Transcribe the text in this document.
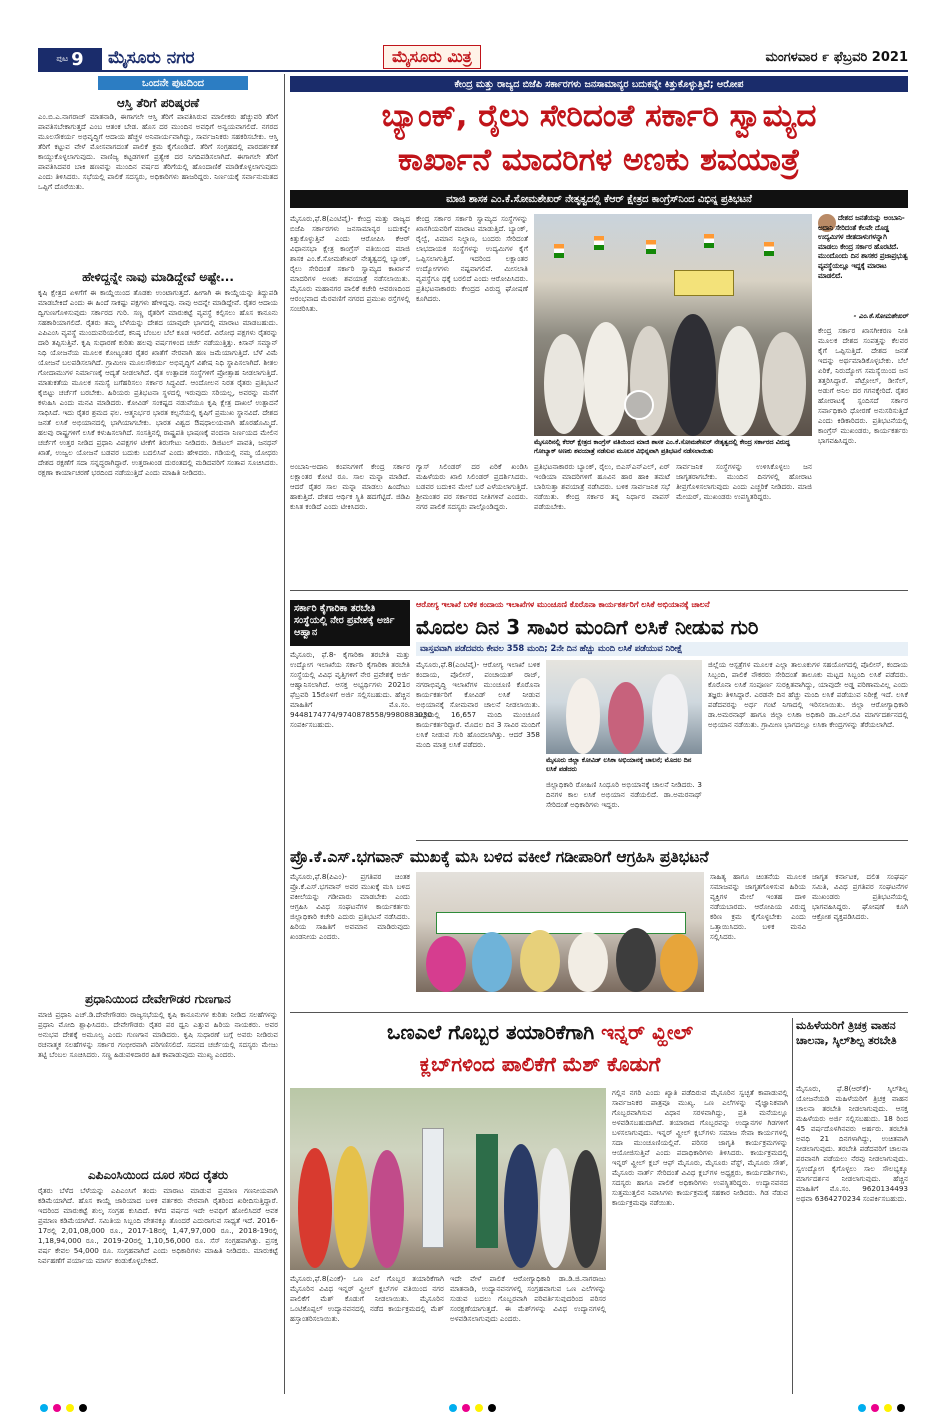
ಪುಟ 9 ಮೈಸೂರು ನಗರ	ಮೈಸೂರು ಮಿತ್ರ	ಮಂಗಳವಾರ ೯ ಫೆಬ್ರವರಿ 2021
ಒಂದನೇ ಪುಟದಿಂದ
ಆಸ್ತಿ ತೆರಿಗೆ ಪರಿಷ್ಕರಣೆ
ಎಂ.ಬಿ.ಎ.ನಾಗರಾಜ್ ಮಾತನಾಡಿ, ಈಗಾಗಲೇ ಆಸ್ತಿ ತೆರಿಗೆ ಪಾವತಿಸಿರುವ ಮಾಲೀಕರು ಹೆಚ್ಚುವರಿ ತೆರಿಗೆ ಪಾವತಿಸಬೇಕಾಗುತ್ತದೆ ಎಂಬ ಆತಂಕ ಬೇಡ. ಹೊಸ ದರ ಮುಂದಿನ ಅವಧಿಗೆ ಅನ್ವಯವಾಗಲಿದೆ. ನಗರದ ಮೂಲಸೌಕರ್ಯ ಅಭಿವೃದ್ಧಿಗೆ ಆದಾಯ ಹೆಚ್ಚಳ ಅನಿವಾರ್ಯವಾಗಿದ್ದು, ಸಾರ್ವಜನಿಕರು ಸಹಕರಿಸಬೇಕು. ಆಸ್ತಿ ತೆರಿಗೆ ಕಟ್ಟುವ ವೇಳೆ ಮೋಸವಾಗದಂತೆ ಪಾಲಿಕೆ ಕ್ರಮ ಕೈಗೊಂಡಿದೆ. ತೆರಿಗೆ ಸಂಗ್ರಹದಲ್ಲಿ ಪಾರದರ್ಶಕತೆ ಕಾಯ್ದುಕೊಳ್ಳಲಾಗುವುದು. ವಾಣಿಜ್ಯ ಕಟ್ಟಡಗಳಿಗೆ ಪ್ರತ್ಯೇಕ ದರ ನಿಗದಿಪಡಿಸಲಾಗಿದೆ. ಈಗಾಗಲೇ ತೆರಿಗೆ ಪಾವತಿಸಿದವರ ಬಾಕಿ ಹಣವನ್ನು ಮುಂದಿನ ವರ್ಷದ ತೆರಿಗೆಯಲ್ಲಿ ಹೊಂದಾಣಿಕೆ ಮಾಡಿಕೊಳ್ಳಲಾಗುವುದು ಎಂದು ತಿಳಿಸಿದರು. ಸಭೆಯಲ್ಲಿ ಪಾಲಿಕೆ ಸದಸ್ಯರು, ಅಧಿಕಾರಿಗಳು ಹಾಜರಿದ್ದರು. ನಿರ್ಣಯಕ್ಕೆ ಸರ್ವಾನುಮತದ ಒಪ್ಪಿಗೆ ದೊರೆಯಿತು.
ಹೇಳಿದ್ದನ್ನೇ ನಾವು ಮಾಡಿದ್ದೇವೆ ಅಷ್ಟೇ...
ಕೃಷಿ ಕ್ಷೇತ್ರದ ಏಳಿಗೆಗೆ ಈ ಕಾಯ್ದೆಯಿಂದ ತೊಡಕು ಉಂಟಾಗುತ್ತದೆ. ಹೀಗಾಗಿ ಈ ಕಾಯ್ದೆಯನ್ನು ತಿದ್ದುಪಡಿ ಮಾಡಬೇಕಿದೆ ಎಂದು ಈ ಹಿಂದೆ ಸಾಕಷ್ಟು ಪಕ್ಷಗಳು ಹೇಳಿದ್ದವು. ನಾವು ಅದನ್ನೇ ಮಾಡಿದ್ದೇವೆ. ರೈತರ ಆದಾಯ ದ್ವಿಗುಣಗೊಳಿಸುವುದು ಸರ್ಕಾರದ ಗುರಿ. ಸಣ್ಣ ರೈತರಿಗೆ ಮಾರುಕಟ್ಟೆ ವ್ಯವಸ್ಥೆ ಕಲ್ಪಿಸಲು ಹೊಸ ಕಾನೂನು ಸಹಕಾರಿಯಾಗಲಿದೆ. ರೈತರು ತಮ್ಮ ಬೆಳೆಯನ್ನು ದೇಶದ ಯಾವುದೇ ಭಾಗದಲ್ಲಿ ಮಾರಾಟ ಮಾಡಬಹುದು. ಎಪಿಎಂಸಿ ವ್ಯವಸ್ಥೆ ಮುಂದುವರಿಯಲಿದೆ, ಕನಿಷ್ಠ ಬೆಂಬಲ ಬೆಲೆ ಕೂಡ ಇರಲಿದೆ. ವಿರೋಧ ಪಕ್ಷಗಳು ರೈತರನ್ನು ದಾರಿ ತಪ್ಪಿಸುತ್ತಿವೆ. ಕೃಷಿ ಸುಧಾರಣೆ ಕುರಿತು ಹಲವು ವರ್ಷಗಳಿಂದ ಚರ್ಚೆ ನಡೆಯುತ್ತಿತ್ತು. ಕಿಸಾನ್ ಸಮ್ಮಾನ್ ನಿಧಿ ಯೋಜನೆಯ ಮೂಲಕ ಕೋಟ್ಯಂತರ ರೈತರ ಖಾತೆಗೆ ನೇರವಾಗಿ ಹಣ ಜಮೆಯಾಗುತ್ತಿದೆ. ಬೆಳೆ ವಿಮೆ ಯೋಜನೆ ಬಲಪಡಿಸಲಾಗಿದೆ. ಗ್ರಾಮೀಣ ಮೂಲಸೌಕರ್ಯ ಅಭಿವೃದ್ಧಿಗೆ ವಿಶೇಷ ನಿಧಿ ಸ್ಥಾಪಿಸಲಾಗಿದೆ. ಶೀತಲ ಗೋದಾಮುಗಳ ನಿರ್ಮಾಣಕ್ಕೆ ಆದ್ಯತೆ ನೀಡಲಾಗಿದೆ. ರೈತ ಉತ್ಪಾದಕ ಸಂಸ್ಥೆಗಳಿಗೆ ಪ್ರೋತ್ಸಾಹ ನೀಡಲಾಗುತ್ತಿದೆ. ಮಾತುಕತೆಯ ಮೂಲಕ ಸಮಸ್ಯೆ ಬಗೆಹರಿಸಲು ಸರ್ಕಾರ ಸಿದ್ಧವಿದೆ. ಆಂದೋಲನ ನಿರತ ರೈತರು ಪ್ರತಿಭಟನೆ ಕೈಬಿಟ್ಟು ಚರ್ಚೆಗೆ ಬರಬೇಕು. ಹಿರಿಯರು ಪ್ರತಿಭಟನಾ ಸ್ಥಳದಲ್ಲಿ ಇರುವುದು ಸರಿಯಲ್ಲ, ಅವರನ್ನು ಮನೆಗೆ ಕಳುಹಿಸಿ ಎಂದು ಮನವಿ ಮಾಡಿದರು. ಕೋವಿಡ್ ಸಂಕಷ್ಟದ ನಡುವೆಯೂ ಕೃಷಿ ಕ್ಷೇತ್ರ ದಾಖಲೆ ಉತ್ಪಾದನೆ ಸಾಧಿಸಿದೆ. ಇದು ರೈತರ ಶ್ರಮದ ಫಲ. ಆತ್ಮನಿರ್ಭರ ಭಾರತ ಕಲ್ಪನೆಯಲ್ಲಿ ಕೃಷಿಗೆ ಪ್ರಮುಖ ಸ್ಥಾನವಿದೆ. ದೇಶದ ಜನತೆ ಲಸಿಕೆ ಅಭಿಯಾನದಲ್ಲಿ ಭಾಗಿಯಾಗಬೇಕು. ಭಾರತ ವಿಶ್ವದ ಔಷಧಾಲಯವಾಗಿ ಹೊರಹೊಮ್ಮಿದೆ. ಹಲವು ರಾಷ್ಟ್ರಗಳಿಗೆ ಲಸಿಕೆ ಕಳುಹಿಸಲಾಗಿದೆ. ಸಂಸತ್ತಿನಲ್ಲಿ ರಾಷ್ಟ್ರಪತಿ ಭಾಷಣಕ್ಕೆ ವಂದನಾ ನಿರ್ಣಯದ ಮೇಲಿನ ಚರ್ಚೆಗೆ ಉತ್ತರ ನೀಡಿದ ಪ್ರಧಾನಿ ವಿಪಕ್ಷಗಳ ಟೀಕೆಗೆ ತಿರುಗೇಟು ನೀಡಿದರು. ಡಿಜಿಟಲ್ ಪಾವತಿ, ಜನಧನ್ ಖಾತೆ, ಉಜ್ವಲ ಯೋಜನೆ ಬಡವರ ಬದುಕು ಬದಲಿಸಿವೆ ಎಂದು ಹೇಳಿದರು. ಗಡಿಯಲ್ಲಿ ನಮ್ಮ ಯೋಧರು ದೇಶದ ರಕ್ಷಣೆಗೆ ಸದಾ ಸನ್ನದ್ಧರಾಗಿದ್ದಾರೆ. ಉತ್ತರಾಖಂಡ ದುರಂತದಲ್ಲಿ ಮಡಿದವರಿಗೆ ಸಂತಾಪ ಸೂಚಿಸಿದರು. ರಕ್ಷಣಾ ಕಾರ್ಯಾಚರಣೆ ಭರದಿಂದ ನಡೆಯುತ್ತಿದೆ ಎಂದು ಮಾಹಿತಿ ನೀಡಿದರು.
ಪ್ರಧಾನಿಯಿಂದ ದೇವೇಗೌಡರ ಗುಣಗಾನ
ಮಾಜಿ ಪ್ರಧಾನಿ ಎಚ್.ಡಿ.ದೇವೇಗೌಡರು ರಾಜ್ಯಸಭೆಯಲ್ಲಿ ಕೃಷಿ ಕಾನೂನುಗಳ ಕುರಿತು ನೀಡಿದ ಸಲಹೆಗಳನ್ನು ಪ್ರಧಾನಿ ಮೋದಿ ಶ್ಲಾಘಿಸಿದರು. ದೇವೇಗೌಡರು ರೈತರ ಪರ ಧ್ವನಿ ಎತ್ತುವ ಹಿರಿಯ ನಾಯಕರು. ಅವರ ಅನುಭವ ದೇಶಕ್ಕೆ ಅಮೂಲ್ಯ ಎಂದು ಗುಣಗಾನ ಮಾಡಿದರು. ಕೃಷಿ ಸುಧಾರಣೆ ಬಗ್ಗೆ ಅವರು ನೀಡಿರುವ ರಚನಾತ್ಮಕ ಸಲಹೆಗಳನ್ನು ಸರ್ಕಾರ ಗಂಭೀರವಾಗಿ ಪರಿಗಣಿಸಲಿದೆ. ಸದನದ ಚರ್ಚೆಯಲ್ಲಿ ಸದಸ್ಯರು ಮೇಜು ತಟ್ಟಿ ಬೆಂಬಲ ಸೂಚಿಸಿದರು. ಸಣ್ಣ ಹಿಡುವಳಿದಾರರ ಹಿತ ಕಾಪಾಡುವುದು ಮುಖ್ಯ ಎಂದರು.
ಎಪಿಎಂಸಿಯಿಂದ ದೂರ ಸರಿದ ರೈತರು
ರೈತರು ಬೆಳೆದ ಬೆಳೆಯನ್ನು ಎಪಿಎಂಸಿಗೆ ತಂದು ಮಾರಾಟ ಮಾಡುವ ಪ್ರಮಾಣ ಗಣನೀಯವಾಗಿ ಕಡಿಮೆಯಾಗಿದೆ. ಹೊಸ ಕಾಯ್ದೆ ಜಾರಿಯಾದ ಬಳಿಕ ವರ್ತಕರು ನೇರವಾಗಿ ರೈತರಿಂದ ಖರೀದಿಸುತ್ತಿದ್ದಾರೆ. ಇದರಿಂದ ಮಾರುಕಟ್ಟೆ ಶುಲ್ಕ ಸಂಗ್ರಹ ಕುಸಿದಿದೆ. ಕಳೆದ ವರ್ಷದ ಇದೇ ಅವಧಿಗೆ ಹೋಲಿಸಿದರೆ ಆವಕ ಪ್ರಮಾಣ ಕಡಿಮೆಯಾಗಿದೆ. ಸಮಿತಿಯ ಸಿಬ್ಬಂದಿ ವೇತನಕ್ಕೂ ತೊಂದರೆ ಎದುರಾಗುವ ಸಾಧ್ಯತೆ ಇದೆ. 2016-17ರಲ್ಲಿ 2,01,08,000 ರೂ., 2017-18ರಲ್ಲಿ 1,47,97,000 ರೂ., 2018-19ರಲ್ಲಿ 1,18,94,000 ರೂ., 2019-20ರಲ್ಲಿ 1,10,56,000 ರೂ. ಸೆಸ್ ಸಂಗ್ರಹವಾಗಿತ್ತು. ಪ್ರಸಕ್ತ ವರ್ಷ ಕೇವಲ 54,000 ರೂ. ಸಂಗ್ರಹವಾಗಿದೆ ಎಂದು ಅಧಿಕಾರಿಗಳು ಮಾಹಿತಿ ನೀಡಿದರು. ಮಾರುಕಟ್ಟೆ ನಿರ್ವಹಣೆಗೆ ಪರ್ಯಾಯ ಮಾರ್ಗ ಕಂಡುಕೊಳ್ಳಬೇಕಿದೆ.
ಕೇಂದ್ರ ಮತ್ತು ರಾಜ್ಯದ ಬಿಜೆಪಿ ಸರ್ಕಾರಗಳು ಜನಸಾಮಾನ್ಯರ ಬದುಕನ್ನೇ ಕಿತ್ತುಕೊಳ್ಳುತ್ತಿವೆ; ಆರೋಪ
ಬ್ಯಾಂಕ್, ರೈಲು ಸೇರಿದಂತೆ ಸರ್ಕಾರಿ ಸ್ವಾಮ್ಯದ
ಕಾರ್ಖಾನೆ ಮಾದರಿಗಳ ಅಣಕು ಶವಯಾತ್ರೆ
ಮಾಜಿ ಶಾಸಕ ಎಂ.ಕೆ.ಸೋಮಶೇಖರ್ ನೇತೃತ್ವದಲ್ಲಿ ಕೆಆರ್ ಕ್ಷೇತ್ರದ ಕಾಂಗ್ರೆಸ್‌ನಿಂದ ವಿಭಿನ್ನ ಪ್ರತಿಭಟನೆ
ಮೈಸೂರು,ಫೆ.8(ಎಂಟಿವೈ)- ಕೇಂದ್ರ ಮತ್ತು ರಾಜ್ಯದ ಬಿಜೆಪಿ ಸರ್ಕಾರಗಳು ಜನಸಾಮಾನ್ಯರ ಬದುಕನ್ನೇ ಕಿತ್ತುಕೊಳ್ಳುತ್ತಿವೆ ಎಂದು ಆರೋಪಿಸಿ ಕೆಆರ್ ವಿಧಾನಸಭಾ ಕ್ಷೇತ್ರ ಕಾಂಗ್ರೆಸ್ ವತಿಯಿಂದ ಮಾಜಿ ಶಾಸಕ ಎಂ.ಕೆ.ಸೋಮಶೇಖರ್ ನೇತೃತ್ವದಲ್ಲಿ ಬ್ಯಾಂಕ್, ರೈಲು ಸೇರಿದಂತೆ ಸರ್ಕಾರಿ ಸ್ವಾಮ್ಯದ ಕಾರ್ಖಾನೆ ಮಾದರಿಗಳ ಅಣಕು ಶವಯಾತ್ರೆ ನಡೆಸಲಾಯಿತು. ಮೈಸೂರು ಮಹಾನಗರ ಪಾಲಿಕೆ ಕಚೇರಿ ಆವರಣದಿಂದ ಆರಂಭವಾದ ಮೆರವಣಿಗೆ ನಗರದ ಪ್ರಮುಖ ರಸ್ತೆಗಳಲ್ಲಿ ಸಂಚರಿಸಿತು.
ಕೇಂದ್ರ ಸರ್ಕಾರ ಸರ್ಕಾರಿ ಸ್ವಾಮ್ಯದ ಸಂಸ್ಥೆಗಳನ್ನು ಖಾಸಗಿಯವರಿಗೆ ಮಾರಾಟ ಮಾಡುತ್ತಿದೆ. ಬ್ಯಾಂಕ್, ರೈಲ್ವೆ, ವಿಮಾನ ನಿಲ್ದಾಣ, ಬಂದರು ಸೇರಿದಂತೆ ಲಾಭದಾಯಕ ಸಂಸ್ಥೆಗಳನ್ನು ಉದ್ಯಮಿಗಳ ಕೈಗೆ ಒಪ್ಪಿಸಲಾಗುತ್ತಿದೆ. ಇದರಿಂದ ಲಕ್ಷಾಂತರ ಉದ್ಯೋಗಗಳು ನಷ್ಟವಾಗಲಿವೆ. ಮೀಸಲಾತಿ ವ್ಯವಸ್ಥೆಗೂ ಧಕ್ಕೆ ಬರಲಿದೆ ಎಂದು ಆರೋಪಿಸಿದರು. ಪ್ರತಿಭಟನಾಕಾರರು ಕೇಂದ್ರದ ವಿರುದ್ಧ ಘೋಷಣೆ ಕೂಗಿದರು.
ಮೈಸೂರಿನಲ್ಲಿ ಕೆಆರ್ ಕ್ಷೇತ್ರದ ಕಾಂಗ್ರೆಸ್ ವತಿಯಿಂದ ಮಾಜಿ ಶಾಸಕ ಎಂ.ಕೆ.ಸೋಮಶೇಖರ್ ನೇತೃತ್ವದಲ್ಲಿ ಕೇಂದ್ರ ಸರ್ಕಾರದ ವಿರುದ್ಧ ಗೋಬ್ಯಾಕ್ ಅಣಕು ಶವಯಾತ್ರೆ ನಡೆಸುವ ಮೂಲಕ ವಿಭಿನ್ನವಾಗಿ ಪ್ರತಿಭಟನೆ ನಡೆಸಲಾಯಿತು
ದೇಶದ ಜನತೆಯನ್ನು ಅಂಬಾನಿ-ಅದಾನಿ ಸೇರಿದಂತೆ ಕೆಲವೇ ದೊಡ್ಡ ಉದ್ಯಮಿಗಳ ಜೀತದಾಳುಗಳನ್ನಾಗಿ ಮಾಡಲು ಕೇಂದ್ರ ಸರ್ಕಾರ ಹೊರಟಿದೆ. ಮುಂದೊಂದು ದಿನ ಶಾಸಕರ ಪ್ರಜಾಪ್ರಭುತ್ವ ವ್ಯವಸ್ಥೆಯಲ್ಲೂ ಇದ್ದಕ್ಕೆ ಮಾರಾಟ ಮಾಡಲಿದೆ.
- ಎಂ.ಕೆ.ಸೋಮಶೇಖರ್
ಕೇಂದ್ರ ಸರ್ಕಾರ ಖಾಸಗೀಕರಣ ನೀತಿ ಮೂಲಕ ದೇಶದ ಸಂಪತ್ತನ್ನು ಕೆಲವರ ಕೈಗೆ ಒಪ್ಪಿಸುತ್ತಿದೆ. ದೇಶದ ಜನತೆ ಇದನ್ನು ಅರ್ಥಮಾಡಿಕೊಳ್ಳಬೇಕು. ಬೆಲೆ ಏರಿಕೆ, ನಿರುದ್ಯೋಗ ಸಮಸ್ಯೆಯಿಂದ ಜನ ತತ್ತರಿಸಿದ್ದಾರೆ. ಪೆಟ್ರೋಲ್, ಡೀಸೆಲ್, ಅಡುಗೆ ಅನಿಲ ದರ ಗಗನಕ್ಕೇರಿದೆ. ರೈತರ ಹೋರಾಟಕ್ಕೆ ಸ್ಪಂದಿಸದೆ ಸರ್ಕಾರ ಸರ್ವಾಧಿಕಾರಿ ಧೋರಣೆ ಅನುಸರಿಸುತ್ತಿದೆ ಎಂದು ಕಿಡಿಕಾರಿದರು. ಪ್ರತಿಭಟನೆಯಲ್ಲಿ ಕಾಂಗ್ರೆಸ್ ಮುಖಂಡರು, ಕಾರ್ಯಕರ್ತರು ಭಾಗವಹಿಸಿದ್ದರು.
ಅಂಬಾನಿ-ಅದಾನಿ ಕಂಪನಿಗಳಿಗೆ ಕೇಂದ್ರ ಸರ್ಕಾರ ಲಕ್ಷಾಂತರ ಕೋಟಿ ರೂ. ಸಾಲ ಮನ್ನಾ ಮಾಡಿದೆ. ಆದರೆ ರೈತರ ಸಾಲ ಮನ್ನಾ ಮಾಡಲು ಹಿಂದೇಟು ಹಾಕುತ್ತಿದೆ. ದೇಶದ ಆರ್ಥಿಕ ಸ್ಥಿತಿ ಹದಗೆಟ್ಟಿದೆ. ಜಿಡಿಪಿ ಕುಸಿತ ಕಂಡಿದೆ ಎಂದು ಟೀಕಿಸಿದರು.
ಗ್ಯಾಸ್ ಸಿಲಿಂಡರ್ ದರ ಏರಿಕೆ ಖಂಡಿಸಿ ಮಹಿಳೆಯರು ಖಾಲಿ ಸಿಲಿಂಡರ್ ಪ್ರದರ್ಶಿಸಿದರು. ಬಡವರ ಬದುಕಿನ ಮೇಲೆ ಬರೆ ಎಳೆಯಲಾಗುತ್ತಿದೆ. ಶ್ರೀಮಂತರ ಪರ ಸರ್ಕಾರದ ನೀತಿಗಳಿವೆ ಎಂದರು. ನಗರ ಪಾಲಿಕೆ ಸದಸ್ಯರು ಪಾಲ್ಗೊಂಡಿದ್ದರು.
ಪ್ರತಿಭಟನಾಕಾರರು ಬ್ಯಾಂಕ್, ರೈಲು, ಬಿಎಸ್‌ಎನ್‌ಎಲ್, ಏರ್ ಇಂಡಿಯಾ ಮಾದರಿಗಳಿಗೆ ಹೂವಿನ ಹಾರ ಹಾಕಿ ತಮಟೆ ಬಾರಿಸುತ್ತಾ ಶವಯಾತ್ರೆ ನಡೆಸಿದರು. ಬಳಿಕ ಸಾರ್ವಜನಿಕ ಸಭೆ ನಡೆಯಿತು. ಕೇಂದ್ರ ಸರ್ಕಾರ ತನ್ನ ನಿರ್ಧಾರ ವಾಪಸ್ ಪಡೆಯಬೇಕು.
ಸಾರ್ವಜನಿಕ ಸಂಸ್ಥೆಗಳನ್ನು ಉಳಿಸಿಕೊಳ್ಳಲು ಜನ ಜಾಗೃತರಾಗಬೇಕು. ಮುಂದಿನ ದಿನಗಳಲ್ಲಿ ಹೋರಾಟ ತೀವ್ರಗೊಳಿಸಲಾಗುವುದು ಎಂದು ಎಚ್ಚರಿಕೆ ನೀಡಿದರು. ಮಾಜಿ ಮೇಯರ್, ಮುಖಂಡರು ಉಪಸ್ಥಿತರಿದ್ದರು.
ಸರ್ಕಾರಿ ಕೈಗಾರಿಕಾ ತರಬೇತಿ ಸಂಸ್ಥೆಯಲ್ಲಿ ನೇರ ಪ್ರವೇಶಕ್ಕೆ ಅರ್ಜಿ ಆಹ್ವಾನ
ಮೈಸೂರು, ಫೆ.8- ಕೈಗಾರಿಕಾ ತರಬೇತಿ ಮತ್ತು ಉದ್ಯೋಗ ಇಲಾಖೆಯ ಸರ್ಕಾರಿ ಕೈಗಾರಿಕಾ ತರಬೇತಿ ಸಂಸ್ಥೆಯಲ್ಲಿ ವಿವಿಧ ವೃತ್ತಿಗಳಿಗೆ ನೇರ ಪ್ರವೇಶಕ್ಕೆ ಅರ್ಜಿ ಆಹ್ವಾನಿಸಲಾಗಿದೆ. ಆಸಕ್ತ ಅಭ್ಯರ್ಥಿಗಳು 2021ರ ಫೆಬ್ರವರಿ 15ರೊಳಗೆ ಅರ್ಜಿ ಸಲ್ಲಿಸಬಹುದು. ಹೆಚ್ಚಿನ ಮಾಹಿತಿಗೆ ಮೊ.ಸಂ. 9448174774/9740878558/9980883030 ಸಂಪರ್ಕಿಸಬಹುದು.
ಆರೋಗ್ಯ ಇಲಾಖೆ ಬಳಿಕ ಕಂದಾಯ ಇಲಾಖೆಗಳ ಮುಂಚೂಣಿ ಕೊರೊನಾ ಕಾರ್ಯಕರ್ತರಿಗೆ ಲಸಿಕೆ ಅಭಿಯಾನಕ್ಕೆ ಚಾಲನೆ
ಮೊದಲ ದಿನ 3 ಸಾವಿರ ಮಂದಿಗೆ ಲಸಿಕೆ ನೀಡುವ ಗುರಿ
ವಾಸ್ತವವಾಗಿ ಪಡೆದವರು ಕೇವಲ 358 ಮಂದಿ; 2ನೇ ದಿನ ಹೆಚ್ಚು ಮಂದಿ ಲಸಿಕೆ ಪಡೆಯುವ ನಿರೀಕ್ಷೆ
ಮೈಸೂರು,ಫೆ.8(ಎಂಟಿವೈ)- ಆರೋಗ್ಯ ಇಲಾಖೆ ಬಳಿಕ ಕಂದಾಯ, ಪೊಲೀಸ್, ಪಂಚಾಯತ್ ರಾಜ್, ನಗರಾಭಿವೃದ್ಧಿ ಇಲಾಖೆಗಳ ಮುಂಚೂಣಿ ಕೊರೊನಾ ಕಾರ್ಯಕರ್ತರಿಗೆ ಕೋವಿಡ್ ಲಸಿಕೆ ನೀಡುವ ಅಭಿಯಾನಕ್ಕೆ ಸೋಮವಾರ ಚಾಲನೆ ನೀಡಲಾಯಿತು. ಜಿಲ್ಲೆಯಲ್ಲಿ 16,657 ಮಂದಿ ಮುಂಚೂಣಿ ಕಾರ್ಯಕರ್ತರಿದ್ದಾರೆ. ಮೊದಲ ದಿನ 3 ಸಾವಿರ ಮಂದಿಗೆ ಲಸಿಕೆ ನೀಡುವ ಗುರಿ ಹೊಂದಲಾಗಿತ್ತು. ಆದರೆ 358 ಮಂದಿ ಮಾತ್ರ ಲಸಿಕೆ ಪಡೆದರು.
ಮೈಸೂರು ಜಿಲ್ಲಾ ಕೋವಿಡ್ ಲಸಿಕಾ ಅಭಿಯಾನಕ್ಕೆ ಚಾಲನೆ; ಮೊದಲ ದಿನ ಲಸಿಕೆ ಪಡೆದರು
ಜಿಲ್ಲಾಧಿಕಾರಿ ರೋಹಿಣಿ ಸಿಂಧೂರಿ ಅಭಿಯಾನಕ್ಕೆ ಚಾಲನೆ ನೀಡಿದರು. 3 ದಿನಗಳ ಕಾಲ ಲಸಿಕೆ ಅಭಿಯಾನ ನಡೆಯಲಿದೆ. ಡಾ.ಅಮರನಾಥ್ ಸೇರಿದಂತೆ ಅಧಿಕಾರಿಗಳು ಇದ್ದರು.
ಜಿಲ್ಲೆಯ ಆಸ್ಪತ್ರೆಗಳ ಮೂಲಕ ಎಲ್ಲಾ ತಾಲೂಕುಗಳ ಸಹಯೋಗದಲ್ಲಿ ಪೊಲೀಸ್, ಕಂದಾಯ ಸಿಬ್ಬಂದಿ, ಪಾಲಿಕೆ ನೌಕರರು ಸೇರಿದಂತೆ ತಾಲೂಕು ಮಟ್ಟದ ಸಿಬ್ಬಂದಿ ಲಸಿಕೆ ಪಡೆದರು. ಕೊರೊನಾ ಲಸಿಕೆ ಸಂಪೂರ್ಣ ಸುರಕ್ಷಿತವಾಗಿದ್ದು, ಯಾವುದೇ ಅಡ್ಡ ಪರಿಣಾಮವಿಲ್ಲ ಎಂದು ತಜ್ಞರು ತಿಳಿಸಿದ್ದಾರೆ. ಎರಡನೇ ದಿನ ಹೆಚ್ಚು ಮಂದಿ ಲಸಿಕೆ ಪಡೆಯುವ ನಿರೀಕ್ಷೆ ಇದೆ. ಲಸಿಕೆ ಪಡೆದವರನ್ನು ಅರ್ಧ ಗಂಟೆ ನಿಗಾದಲ್ಲಿ ಇರಿಸಲಾಯಿತು. ಜಿಲ್ಲಾ ಆರೋಗ್ಯಾಧಿಕಾರಿ ಡಾ.ಅಮರನಾಥ್ ಹಾಗೂ ಜಿಲ್ಲಾ ಲಸಿಕಾ ಅಧಿಕಾರಿ ಡಾ.ಎಲ್.ರವಿ ಮಾರ್ಗದರ್ಶನದಲ್ಲಿ ಅಭಿಯಾನ ನಡೆಯಿತು. ಗ್ರಾಮೀಣ ಭಾಗದಲ್ಲೂ ಲಸಿಕಾ ಕೇಂದ್ರಗಳನ್ನು ತೆರೆಯಲಾಗಿದೆ.
ಪ್ರೊ.ಕೆ.ಎಸ್.ಭಗವಾನ್ ಮುಖಕ್ಕೆ ಮಸಿ ಬಳಿದ ವಕೀಲೆ ಗಡೀಪಾರಿಗೆ ಆಗ್ರಹಿಸಿ ಪ್ರತಿಭಟನೆ
ಮೈಸೂರು,ಫೆ.8(ಪಿಎಂ)- ಪ್ರಗತಿಪರ ಚಿಂತಕ ಪ್ರೊ.ಕೆ.ಎಸ್.ಭಗವಾನ್ ಅವರ ಮುಖಕ್ಕೆ ಮಸಿ ಬಳಿದ ವಕೀಲೆಯನ್ನು ಗಡೀಪಾರು ಮಾಡಬೇಕು ಎಂದು ಆಗ್ರಹಿಸಿ ವಿವಿಧ ಸಂಘಟನೆಗಳ ಕಾರ್ಯಕರ್ತರು ಜಿಲ್ಲಾಧಿಕಾರಿ ಕಚೇರಿ ಎದುರು ಪ್ರತಿಭಟನೆ ನಡೆಸಿದರು. ಹಿರಿಯ ಸಾಹಿತಿಗೆ ಅವಮಾನ ಮಾಡಿರುವುದು ಖಂಡನೀಯ ಎಂದರು.
ಸಾಹಿತ್ಯ ಹಾಗೂ ಚಿಂತನೆಯ ಮೂಲಕ ಸಮಾಜವನ್ನು ಜಾಗೃತಗೊಳಿಸುವ ಹಿರಿಯ ವ್ಯಕ್ತಿಗಳ ಮೇಲೆ ಇಂತಹ ದಾಳಿ ನಡೆಯಬಾರದು. ಆರೋಪಿಯ ವಿರುದ್ಧ ಕಠಿಣ ಕ್ರಮ ಕೈಗೊಳ್ಳಬೇಕು ಎಂದು ಒತ್ತಾಯಿಸಿದರು. ಬಳಿಕ ಮನವಿ ಸಲ್ಲಿಸಿದರು.
ಜಾಗೃತ ಕರ್ನಾಟಕ, ದಲಿತ ಸಂಘರ್ಷ ಸಮಿತಿ, ವಿವಿಧ ಪ್ರಗತಿಪರ ಸಂಘಟನೆಗಳ ಮುಖಂಡರು ಪ್ರತಿಭಟನೆಯಲ್ಲಿ ಭಾಗವಹಿಸಿದ್ದರು. ಘೋಷಣೆ ಕೂಗಿ ಆಕ್ರೋಶ ವ್ಯಕ್ತಪಡಿಸಿದರು.
ಒಣಎಲೆ ಗೊಬ್ಬರ ತಯಾರಿಕೆಗಾಗಿ ಇನ್ನರ್ ವ್ಹೀಲ್
ಕ್ಲಬ್‌ಗಳಿಂದ ಪಾಲಿಕೆಗೆ ಮೆಶ್ ಕೊಡುಗೆ
ಮೈಸೂರು,ಫೆ.8(ಎಂಕೆ)- ಒಣ ಎಲೆ ಗೊಬ್ಬರ ತಯಾರಿಕೆಗಾಗಿ ಮೈಸೂರಿನ ವಿವಿಧ ಇನ್ನರ್ ವ್ಹೀಲ್ ಕ್ಲಬ್‌ಗಳ ವತಿಯಿಂದ ನಗರ ಪಾಲಿಕೆಗೆ ಮೆಶ್ ಕೊಡುಗೆ ನೀಡಲಾಯಿತು. ಮೈಸೂರಿನ ಒಂಟಿಕೊಪ್ಪಲ್ ಉದ್ಯಾನವನದಲ್ಲಿ ನಡೆದ ಕಾರ್ಯಕ್ರಮದಲ್ಲಿ ಮೆಶ್ ಹಸ್ತಾಂತರಿಸಲಾಯಿತು.
ಇದೇ ವೇಳೆ ಪಾಲಿಕೆ ಆರೋಗ್ಯಾಧಿಕಾರಿ ಡಾ.ಡಿ.ಜಿ.ನಾಗರಾಜು ಮಾತನಾಡಿ, ಉದ್ಯಾನವನಗಳಲ್ಲಿ ಸಂಗ್ರಹವಾಗುವ ಒಣ ಎಲೆಗಳನ್ನು ಸುಡುವ ಬದಲು ಗೊಬ್ಬರವಾಗಿ ಪರಿವರ್ತಿಸುವುದರಿಂದ ಪರಿಸರ ಸಂರಕ್ಷಣೆಯಾಗುತ್ತದೆ. ಈ ಮೆಶ್‌ಗಳನ್ನು ವಿವಿಧ ಉದ್ಯಾನಗಳಲ್ಲಿ ಅಳವಡಿಸಲಾಗುವುದು ಎಂದರು.
ಗಲ್ಲಿನ ನಗರಿ ಎಂದು ಖ್ಯಾತಿ ಪಡೆದಿರುವ ಮೈಸೂರಿನ ಸ್ವಚ್ಛತೆ ಕಾಪಾಡುವಲ್ಲಿ ಸಾರ್ವಜನಿಕರ ಪಾತ್ರವೂ ಮುಖ್ಯ. ಒಣ ಎಲೆಗಳನ್ನು ವೈಜ್ಞಾನಿಕವಾಗಿ ಗೊಬ್ಬರವಾಗಿಸುವ ವಿಧಾನ ಸರಳವಾಗಿದ್ದು, ಪ್ರತಿ ಮನೆಯಲ್ಲೂ ಅಳವಡಿಸಬಹುದಾಗಿದೆ. ತಯಾರಾದ ಗೊಬ್ಬರವನ್ನು ಉದ್ಯಾನಗಳ ಗಿಡಗಳಿಗೆ ಬಳಸಲಾಗುವುದು. ಇನ್ನರ್ ವ್ಹೀಲ್ ಕ್ಲಬ್‌ಗಳು ಸಮಾಜ ಸೇವಾ ಕಾರ್ಯಗಳಲ್ಲಿ ಸದಾ ಮುಂಚೂಣಿಯಲ್ಲಿವೆ. ಪರಿಸರ ಜಾಗೃತಿ ಕಾರ್ಯಕ್ರಮಗಳನ್ನು ಆಯೋಜಿಸುತ್ತಿವೆ ಎಂದು ಪದಾಧಿಕಾರಿಗಳು ತಿಳಿಸಿದರು. ಕಾರ್ಯಕ್ರಮದಲ್ಲಿ ಇನ್ನರ್ ವ್ಹೀಲ್ ಕ್ಲಬ್ ಆಫ್ ಮೈಸೂರು, ಮೈಸೂರು ವೆಸ್ಟ್, ಮೈಸೂರು ಸೌತ್, ಮೈಸೂರು ನಾರ್ತ್ ಸೇರಿದಂತೆ ವಿವಿಧ ಕ್ಲಬ್‌ಗಳ ಅಧ್ಯಕ್ಷರು, ಕಾರ್ಯದರ್ಶಿಗಳು, ಸದಸ್ಯರು ಹಾಗೂ ಪಾಲಿಕೆ ಅಧಿಕಾರಿಗಳು ಉಪಸ್ಥಿತರಿದ್ದರು. ಉದ್ಯಾನವನದ ಸುತ್ತಮುತ್ತಲಿನ ನಿವಾಸಿಗಳು ಕಾರ್ಯಕ್ರಮಕ್ಕೆ ಸಹಕಾರ ನೀಡಿದರು. ಗಿಡ ನೆಡುವ ಕಾರ್ಯಕ್ರಮವೂ ನಡೆಯಿತು.
ಮಹಿಳೆಯರಿಗೆ ತ್ರಿಚಕ್ರ ವಾಹನ ಚಾಲನಾ, ಸ್ಕಿಲ್‌ಶಿಲ್ಪ ತರಬೇತಿ
ಮೈಸೂರು, ಫೆ.8(ಆರ್‌ಕೆ)- ಸ್ಕಿಲ್‌ಶಿಲ್ಪ ಯೋಜನೆಯಡಿ ಮಹಿಳೆಯರಿಗೆ ತ್ರಿಚಕ್ರ ವಾಹನ ಚಾಲನಾ ತರಬೇತಿ ನೀಡಲಾಗುವುದು. ಆಸಕ್ತ ಮಹಿಳೆಯರು ಅರ್ಜಿ ಸಲ್ಲಿಸಬಹುದು. 18 ರಿಂದ 45 ವರ್ಷದೊಳಗಿನವರು ಅರ್ಹರು. ತರಬೇತಿ ಅವಧಿ 21 ದಿನಗಳಾಗಿದ್ದು, ಉಚಿತವಾಗಿ ನೀಡಲಾಗುವುದು. ತರಬೇತಿ ಪಡೆದವರಿಗೆ ಚಾಲನಾ ಪರವಾನಗಿ ಪಡೆಯಲು ನೆರವು ನೀಡಲಾಗುವುದು. ಸ್ವಉದ್ಯೋಗ ಕೈಗೊಳ್ಳಲು ಸಾಲ ಸೌಲಭ್ಯಕ್ಕೂ ಮಾರ್ಗದರ್ಶನ ನೀಡಲಾಗುವುದು. ಹೆಚ್ಚಿನ ಮಾಹಿತಿಗೆ ಮೊ.ಸಂ. 9620134493 ಅಥವಾ 6364270234 ಸಂಪರ್ಕಿಸಬಹುದು.
